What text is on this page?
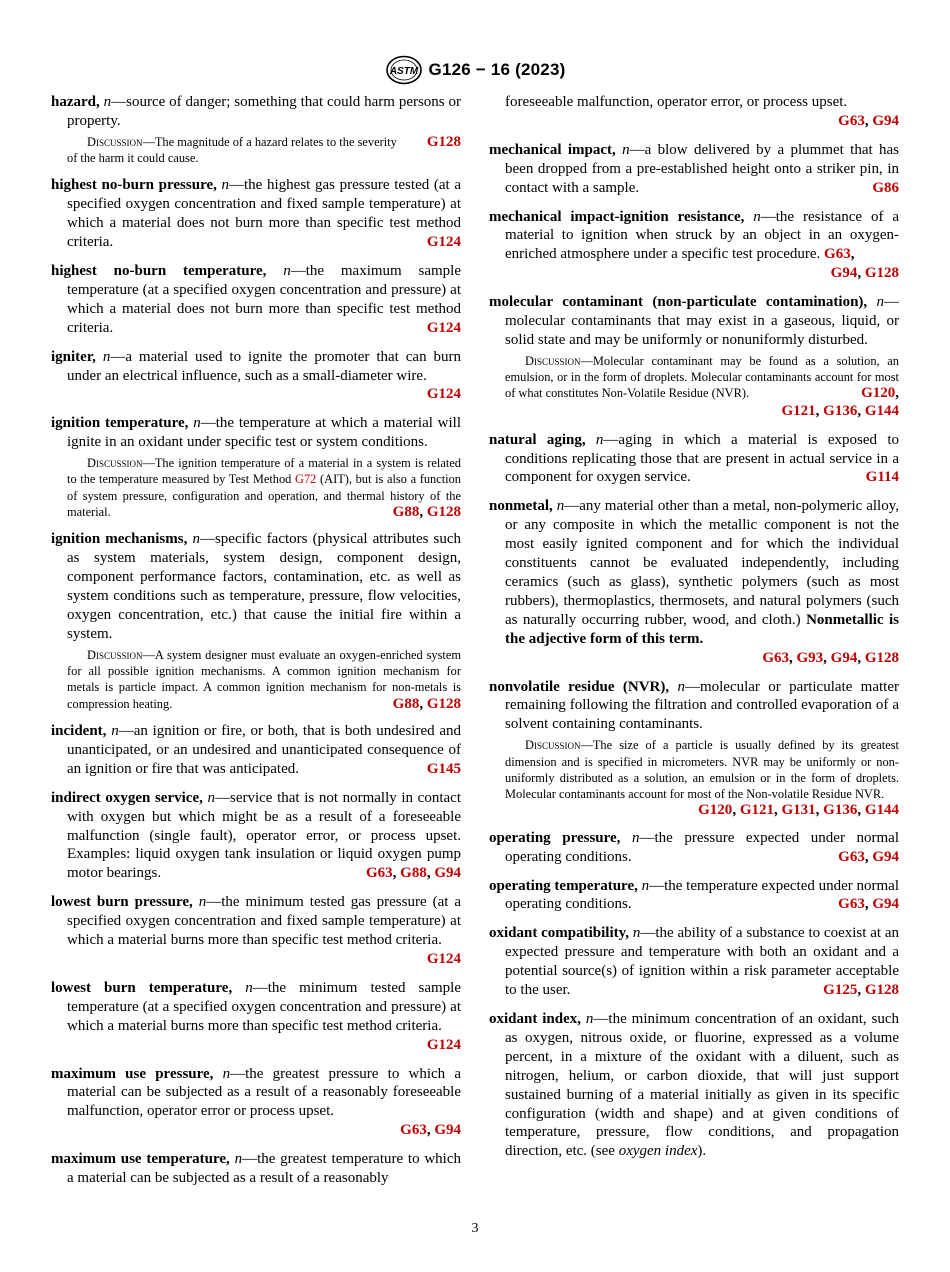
ASTM G126 − 16 (2023)

hazard, n—source of danger; something that could harm persons or property.

G128
Discussion—The magnitude of a hazard relates to the severity of the harm it could cause.

highest no-burn pressure, n—the highest gas pressure tested (at a specified oxygen concentration and fixed sample temperature) at which a material does not burn more than specific test method criteria.	G124

highest no-burn temperature, n—the maximum sample temperature (at a specified oxygen concentration and pressure) at which a material does not burn more than specific test method criteria.	G124

igniter, n—a material used to ignite the promoter that can burn under an electrical influence, such as a small-diameter wire.

G124

ignition temperature, n—the temperature at which a material will ignite in an oxidant under specific test or system conditions.

Discussion—The ignition temperature of a material in a system is related to the temperature measured by Test Method G72 (AIT), but is also a function of system pressure, configuration and operation, and thermal history of the material.	G88, G128

ignition mechanisms, n—specific factors (physical attributes such as system materials, system design, component design, component performance factors, contamination, etc. as well as system conditions such as temperature, pressure, flow velocities, oxygen concentration, etc.) that cause the initial fire within a system.

Discussion—A system designer must evaluate an oxygen-enriched system for all possible ignition mechanisms. A common ignition mechanism for metals is particle impact. A common ignition mechanism for non-metals is compression heating.	G88, G128

incident, n—an ignition or fire, or both, that is both undesired and unanticipated, or an undesired and unanticipated consequence of an ignition or fire that was anticipated.	G145

indirect oxygen service, n—service that is not normally in contact with oxygen but which might be as a result of a foreseeable malfunction (single fault), operator error, or process upset. Examples: liquid oxygen tank insulation or liquid oxygen pump motor bearings.	G63, G88, G94

lowest burn pressure, n—the minimum tested gas pressure (at a specified oxygen concentration and fixed sample temperature) at which a material burns more than specific test method criteria.
G124

lowest burn temperature, n—the minimum tested sample temperature (at a specified oxygen concentration and pressure) at which a material burns more than specific test method criteria.
G124

maximum use pressure, n—the greatest pressure to which a material can be subjected as a result of a reasonably foreseeable malfunction, operator error or process upset.

G63, G94

maximum use temperature, n—the greatest temperature to which a material can be subjected as a result of a reasonably

foreseeable malfunction, operator error, or process upset.

G63, G94

mechanical impact, n—a blow delivered by a plummet that has been dropped from a pre-established height onto a striker pin, in contact with a sample.	G86

mechanical impact-ignition resistance, n—the resistance of a material to ignition when struck by an object in an oxygen-enriched atmosphere under a specific test procedure. G63,

G94, G128

molecular contaminant (non-particulate contamination), n—molecular contaminants that may exist in a gaseous, liquid, or solid state and may be uniformly or nonuniformly disturbed.

Discussion—Molecular contaminant may be found as a solution, an emulsion, or in the form of droplets. Molecular contaminants account for most of what constitutes Non-Volatile Residue (NVR).	G120,

G121, G136, G144

natural aging, n—aging in which a material is exposed to conditions replicating those that are present in actual service in a component for oxygen service.	G114

nonmetal, n—any material other than a metal, non-polymeric alloy, or any composite in which the metallic component is not the most easily ignited component and for which the individual constituents cannot be evaluated independently, including ceramics (such as glass), synthetic polymers (such as most rubbers), thermoplastics, thermosets, and natural polymers (such as naturally occurring rubber, wood, and cloth.) Nonmetallic is the adjective form of this term.

G63, G93, G94, G128

nonvolatile residue (NVR), n—molecular or particulate matter remaining following the filtration and controlled evaporation of a solvent containing contaminants.

Discussion—The size of a particle is usually defined by its greatest dimension and is specified in micrometers. NVR may be uniformly or non-uniformly distributed as a solution, an emulsion or in the form of droplets. Molecular contaminants account for most of the Non-volatile Residue NVR.
G120, G121, G131, G136, G144

operating pressure, n—the pressure expected under normal operating conditions.	G63, G94

operating temperature, n—the temperature expected under normal operating conditions.	G63, G94

oxidant compatibility, n—the ability of a substance to coexist at an expected pressure and temperature with both an oxidant and a potential source(s) of ignition within a risk parameter acceptable to the user.	G125, G128

oxidant index, n—the minimum concentration of an oxidant, such as oxygen, nitrous oxide, or fluorine, expressed as a volume percent, in a mixture of the oxidant with a diluent, such as nitrogen, helium, or carbon dioxide, that will just support sustained burning of a material initially as given in its specific configuration (width and shape) and at given conditions of temperature, pressure, flow conditions, and propagation direction, etc. (see oxygen index).

3
